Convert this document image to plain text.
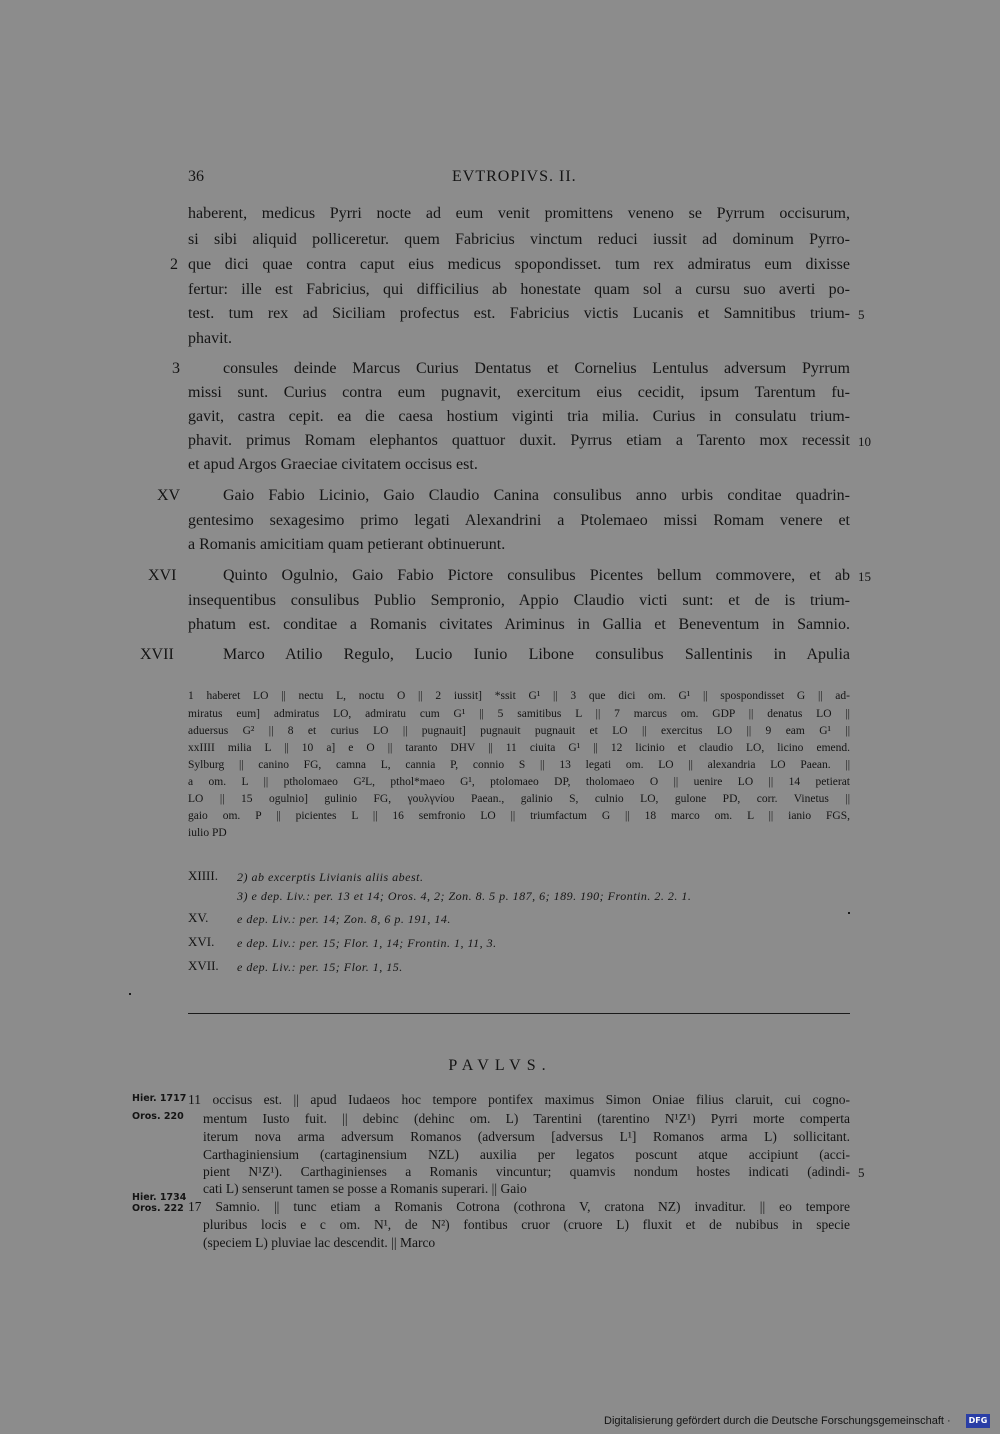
36	EVTROPIVS. II.
haberent, medicus Pyrri nocte ad eum venit promittens veneno se Pyrrum occisurum,
si sibi aliquid polliceretur. quem Fabricius vinctum reduci iussit ad dominum Pyrro-
que dici quae contra caput eius medicus spopondisset. tum rex admiratus eum dixisse
fertur: ille est Fabricius, qui difficilius ab honestate quam sol a cursu suo averti po-
test. tum rex ad Siciliam profectus est. Fabricius victis Lucanis et Samnitibus trium-
phavit.
consules deinde Marcus Curius Dentatus et Cornelius Lentulus adversum Pyrrum
missi sunt. Curius contra eum pugnavit, exercitum eius cecidit, ipsum Tarentum fu-
gavit, castra cepit. ea die caesa hostium viginti tria milia. Curius in consulatu trium-
phavit. primus Romam elephantos quattuor duxit. Pyrrus etiam a Tarento mox recessit
et apud Argos Graeciae civitatem occisus est.
Gaio Fabio Licinio, Gaio Claudio Canina consulibus anno urbis conditae quadrin-
gentesimo sexagesimo primo legati Alexandrini a Ptolemaeo missi Romam venere et
a Romanis amicitiam quam petierant obtinuerunt.
Quinto Ogulnio, Gaio Fabio Pictore consulibus Picentes bellum commovere, et ab
insequentibus consulibus Publio Sempronio, Appio Claudio victi sunt: et de is trium-
phatum est. conditae a Romanis civitates Ariminus in Gallia et Beneventum in Samnio.
Marco Atilio Regulo, Lucio Iunio Libone consulibus Sallentinis in Apulia
2
3
XV
XVI
XVII
5
10
15
1 haberet LO || nectu L, noctu O || 2 iussit] *ssit G¹ || 3 que dici om. G¹ || spospondisset G || ad-
miratus eum] admiratus LO, admiratu cum G¹ || 5 samitibus L || 7 marcus om. GDP || denatus LO ||
aduersus G² || 8 et curius LO || pugnauit] pugnauit pugnauit et LO || exercitus LO || 9 eam G¹ ||
xxIIII milia L || 10 a] e O || taranto DHV || 11 ciuita G¹ || 12 licinio et claudio LO, licino emend.
Sylburg || canino FG, camna L, cannia P, connio S || 13 legati om. LO || alexandria LO Paean. ||
a om. L || ptholomaeo G²L, pthol*maeo G¹, ptolomaeo DP, tholomaeo O || uenire LO || 14 petierat
LO || 15 ogulnio] gulinio FG, γουλγνίου Paean., galinio S, culnio LO, gulone PD, corr. Vinetus ||
gaio om. P || picientes L || 16 semfronio LO || triumfactum G || 18 marco om. L || ianio FGS,
iulio PD
XIIII. 2) ab excerptis Livianis aliis abest.
3) e dep. Liv.: per. 13 et 14; Oros. 4, 2; Zon. 8. 5 p. 187, 6; 189. 190; Frontin. 2. 2. 1.
XV. e dep. Liv.: per. 14; Zon. 8, 6 p. 191, 14.
XVI. e dep. Liv.: per. 15; Flor. 1, 14; Frontin. 1, 11, 3.
XVII. e dep. Liv.: per. 15; Flor. 1, 15.
PAVLVS.
Hier. 1717
Oros. 220
Hier. 1734
Oros. 222
11 occisus est. || apud Iudaeos hoc tempore pontifex maximus Simon Oniae filius claruit, cui cogno-
mentum Iusto fuit. || debinc (dehinc om. L) Tarentini (tarentino N¹Z¹) Pyrri morte comperta
iterum nova arma adversum Romanos (adversum [adversus L¹] Romanos arma L) sollicitant.
Carthaginiensium (cartaginensium NZL) auxilia per legatos poscunt atque accipiunt (acci-
pient N¹Z¹). Carthaginienses a Romanis vincuntur; quamvis nondum hostes indicati (adindi-
cati L) senserunt tamen se posse a Romanis superari. || Gaio
17 Samnio. || tunc etiam a Romanis Cotrona (cothrona V, cratona NZ) invaditur. || eo tempore
pluribus locis e c om. N¹, de N²) fontibus cruor (cruore L) fluxit et de nubibus in specie
(speciem L) pluviae lac descendit. || Marco
5
Digitalisierung gefördert durch die Deutsche Forschungsgemeinschaft ·	DFG
